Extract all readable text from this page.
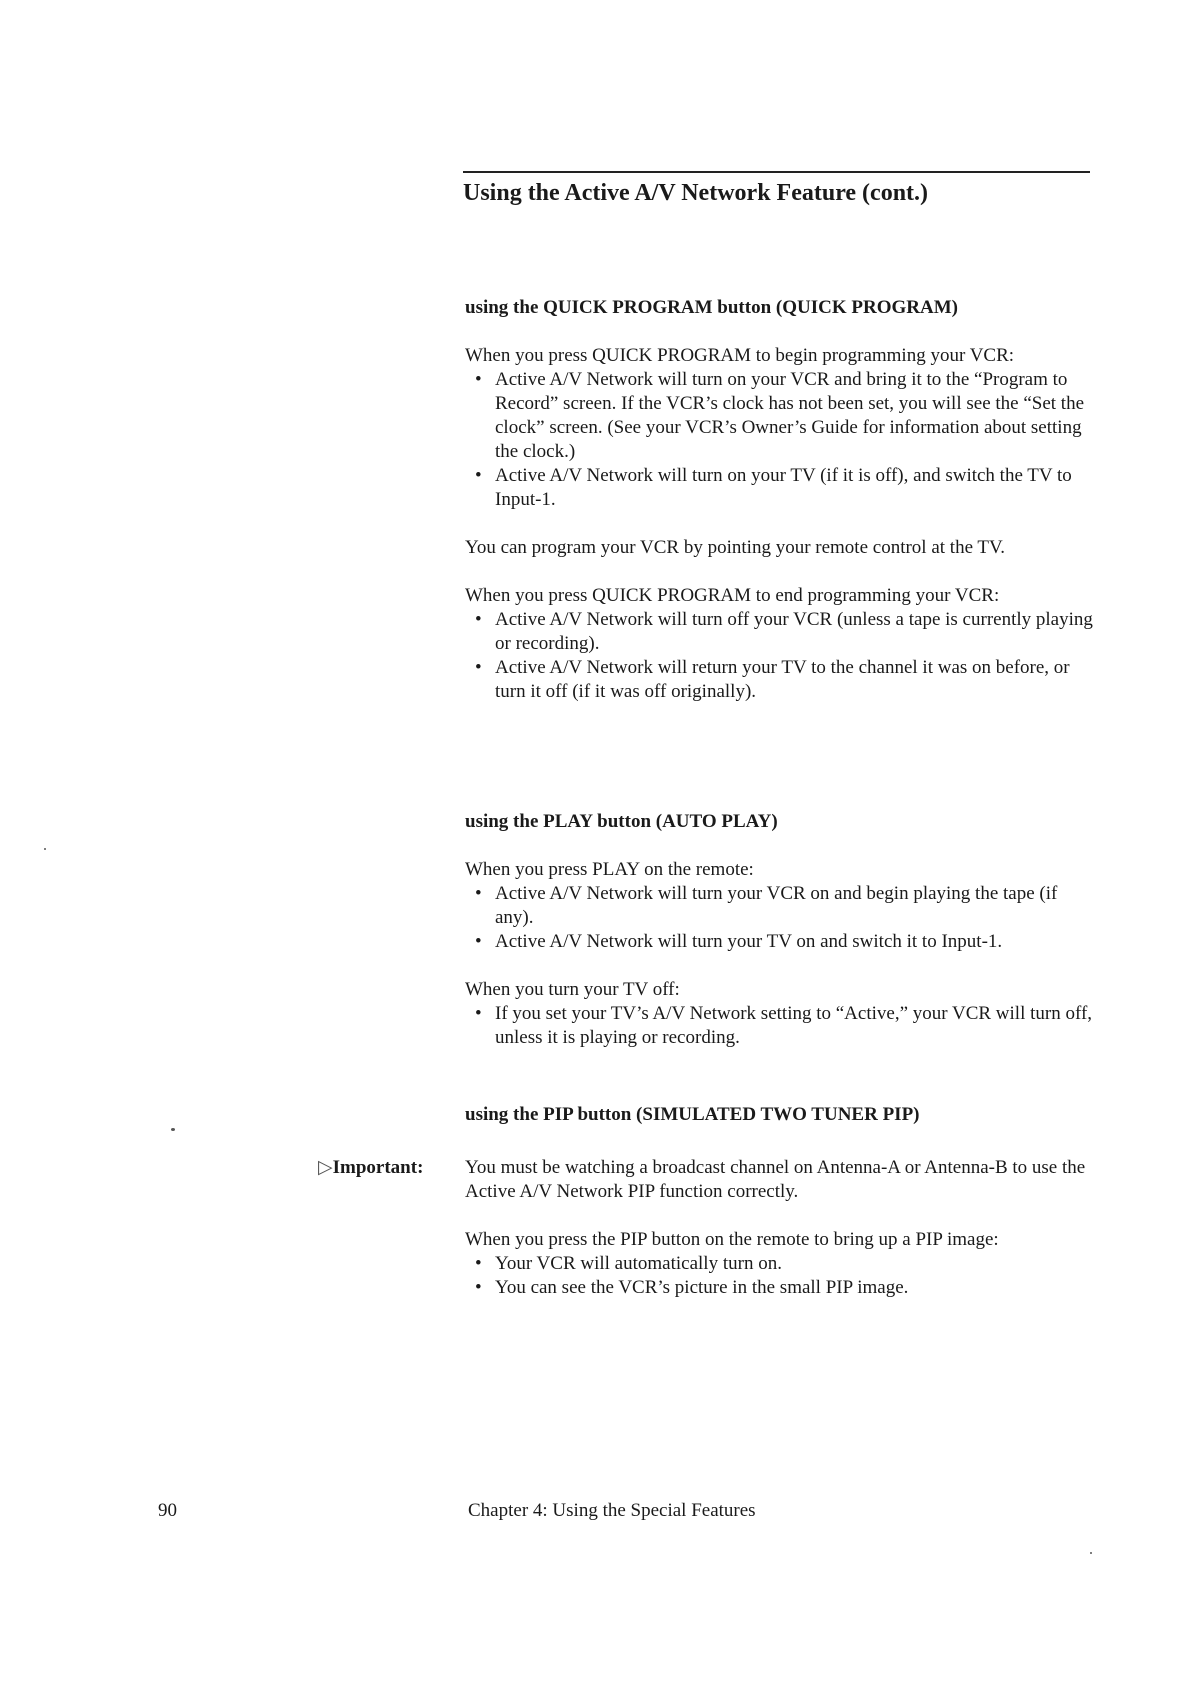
Using the Active A/V Network Feature (cont.)
using the QUICK PROGRAM button (QUICK PROGRAM)

When you press QUICK PROGRAM to begin programming your VCR:

• Active A/V Network will turn on your VCR and bring it to the “Program to Record” screen. If the VCR’s clock has not been set, you will see the “Set the clock” screen. (See your VCR’s Owner’s Guide for information about setting the clock.)
• Active A/V Network will turn on your TV (if it is off), and switch the TV to Input-1.

You can program your VCR by pointing your remote control at the TV.

When you press QUICK PROGRAM to end programming your VCR:

• Active A/V Network will turn off your VCR (unless a tape is currently playing or recording).
• Active A/V Network will return your TV to the channel it was on before, or turn it off (if it was off originally).
using the PLAY button (AUTO PLAY)

When you press PLAY on the remote:

• Active A/V Network will turn your VCR on and begin playing the tape (if any).
• Active A/V Network will turn your TV on and switch it to Input-1.

When you turn your TV off:

• If you set your TV’s A/V Network setting to “Active,” your VCR will turn off, unless it is playing or recording.
using the PIP button (SIMULATED TWO TUNER PIP)

You must be watching a broadcast channel on Antenna-A or Antenna-B to use the Active A/V Network PIP function correctly.

When you press the PIP button on the remote to bring up a PIP image:

• Your VCR will automatically turn on.
• You can see the VCR’s picture in the small PIP image.
▷Important:
90	Chapter 4: Using the Special Features
